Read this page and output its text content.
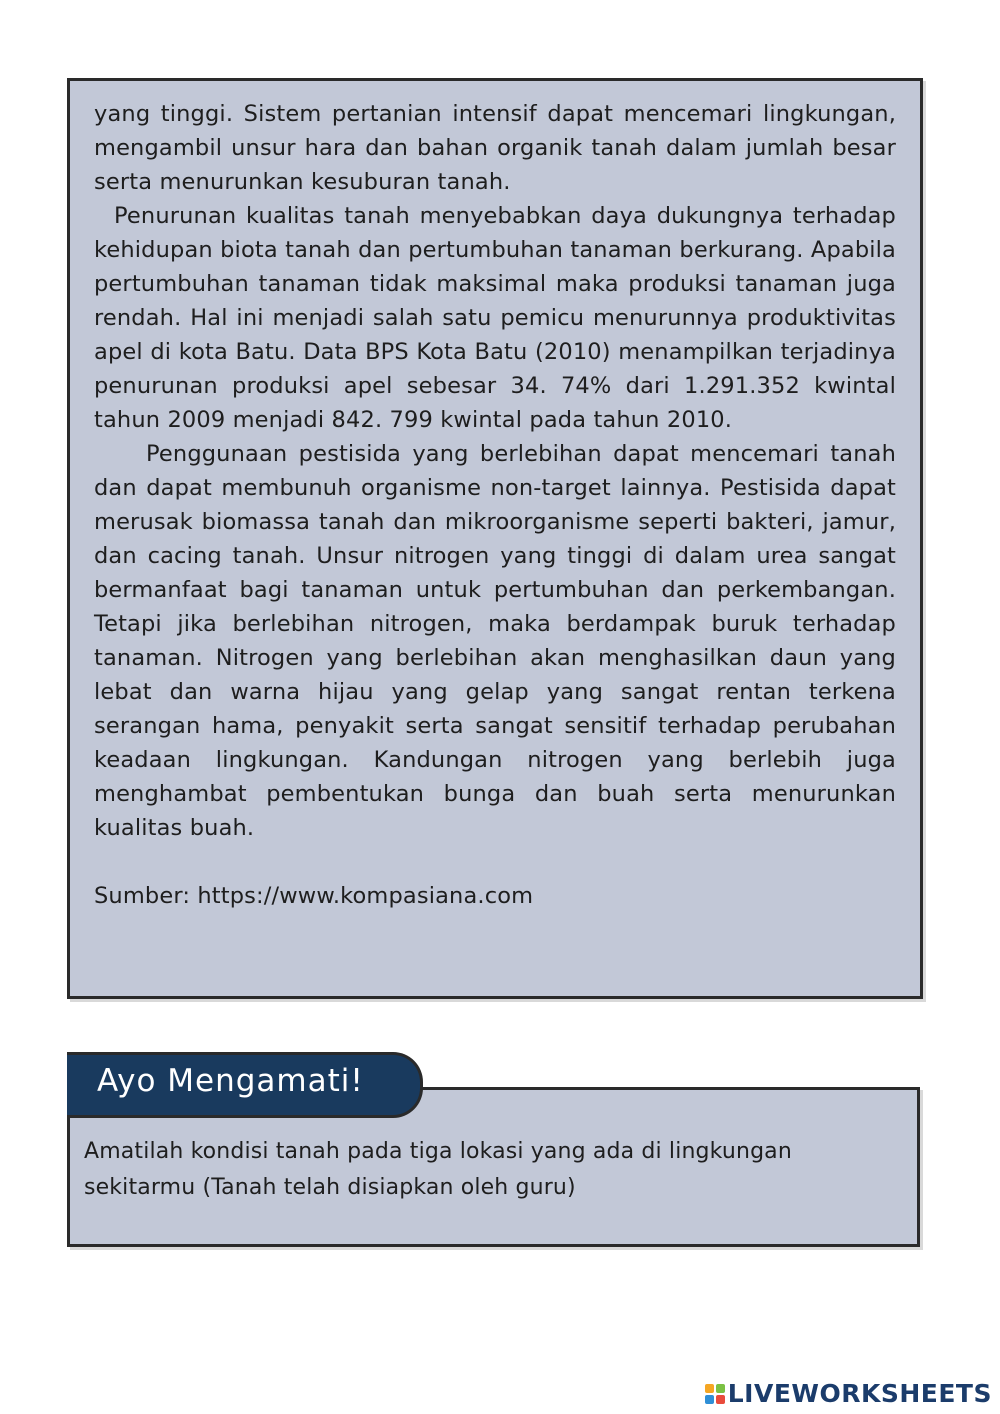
yang tinggi. Sistem pertanian intensif dapat mencemari lingkungan, mengambil unsur hara dan bahan organik tanah dalam jumlah besar serta menurunkan kesuburan tanah.

Penurunan kualitas tanah menyebabkan daya dukungnya terhadap kehidupan biota tanah dan pertumbuhan tanaman berkurang. Apabila pertumbuhan tanaman tidak maksimal maka produksi tanaman juga rendah. Hal ini menjadi salah satu pemicu menurunnya produktivitas apel di kota Batu. Data BPS Kota Batu (2010) menampilkan terjadinya penurunan produksi apel sebesar 34. 74% dari 1.291.352 kwintal tahun 2009 menjadi 842. 799 kwintal pada tahun 2010.

Penggunaan pestisida yang berlebihan dapat mencemari tanah dan dapat membunuh organisme non-target lainnya. Pestisida dapat merusak biomassa tanah dan mikroorganisme seperti bakteri, jamur, dan cacing tanah. Unsur nitrogen yang tinggi di dalam urea sangat bermanfaat bagi tanaman untuk pertumbuhan dan perkembangan. Tetapi jika berlebihan nitrogen, maka berdampak buruk terhadap tanaman. Nitrogen yang berlebihan akan menghasilkan daun yang lebat dan warna hijau yang gelap yang sangat rentan terkena serangan hama, penyakit serta sangat sensitif terhadap perubahan keadaan lingkungan. Kandungan nitrogen yang berlebih juga menghambat pembentukan bunga dan buah serta menurunkan kualitas buah.

Sumber: https://www.kompasiana.com

Ayo Mengamati!

Amatilah kondisi tanah pada tiga lokasi yang ada di lingkungan sekitarmu (Tanah telah disiapkan oleh guru)

LIVEWORKSHEETS
